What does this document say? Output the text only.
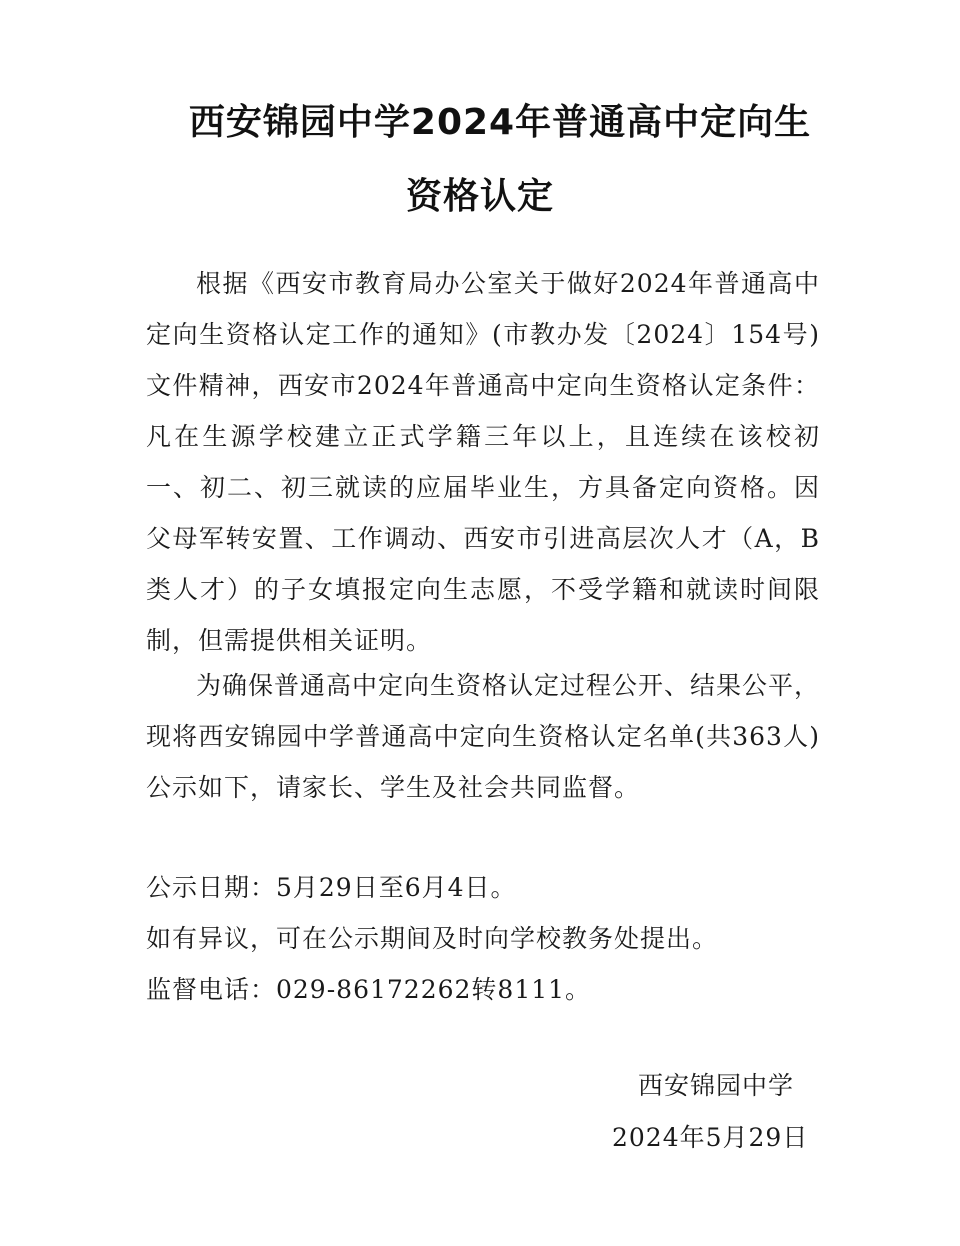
西安锦园中学2024年普通高中定向生
资格认定

根据《西安市教育局办公室关于做好2024年普通高中定向生资格认定工作的通知》(市教办发〔2024〕154号)文件精神，西安市2024年普通高中定向生资格认定条件：凡在生源学校建立正式学籍三年以上，且连续在该校初一、初二、初三就读的应届毕业生，方具备定向资格。因父母军转安置、工作调动、西安市引进高层次人才（A，B类人才）的子女填报定向生志愿，不受学籍和就读时间限制，但需提供相关证明。

为确保普通高中定向生资格认定过程公开、结果公平，现将西安锦园中学普通高中定向生资格认定名单(共363人)公示如下，请家长、学生及社会共同监督。

公示日期：5月29日至6月4日。

如有异议，可在公示期间及时向学校教务处提出。

监督电话：029-86172262转8111。

西安锦园中学

2024年5月29日
